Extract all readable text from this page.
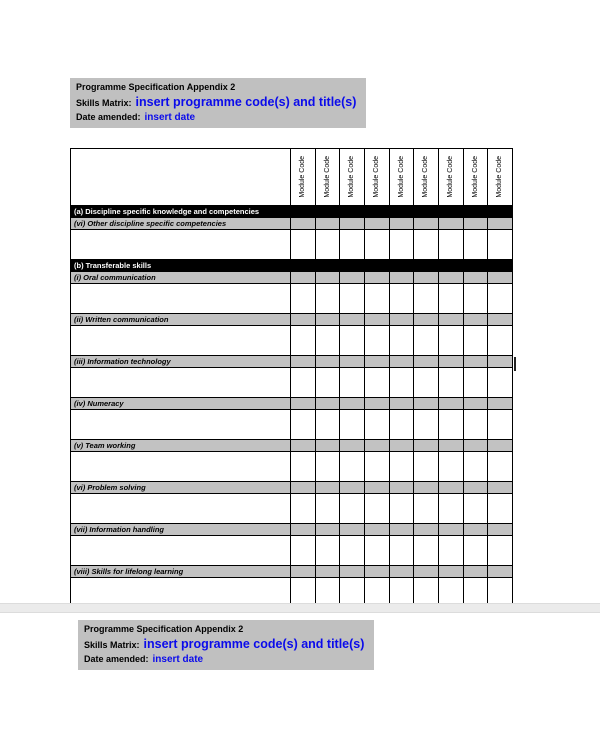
Programme Specification Appendix 2
Skills Matrix: insert programme code(s) and title(s)
Date amended: insert date
Programme Learning Outcomes	Module Code	Module Code	Module Code	Module Code	Module Code	Module Code	Module Code	Module Code	Module Code
(a) Discipline specific knowledge and competencies									
(vi) Other discipline specific competencies									

(b) Transferable skills									
(i) Oral communication									

(ii) Written communication									

(iii) Information technology									

(iv) Numeracy									

(v) Team working									

(vi) Problem solving									

(vii) Information handling									

(viii) Skills for lifelong learning									

Programme Specification Appendix 2
Skills Matrix: insert programme code(s) and title(s)
Date amended: insert date
